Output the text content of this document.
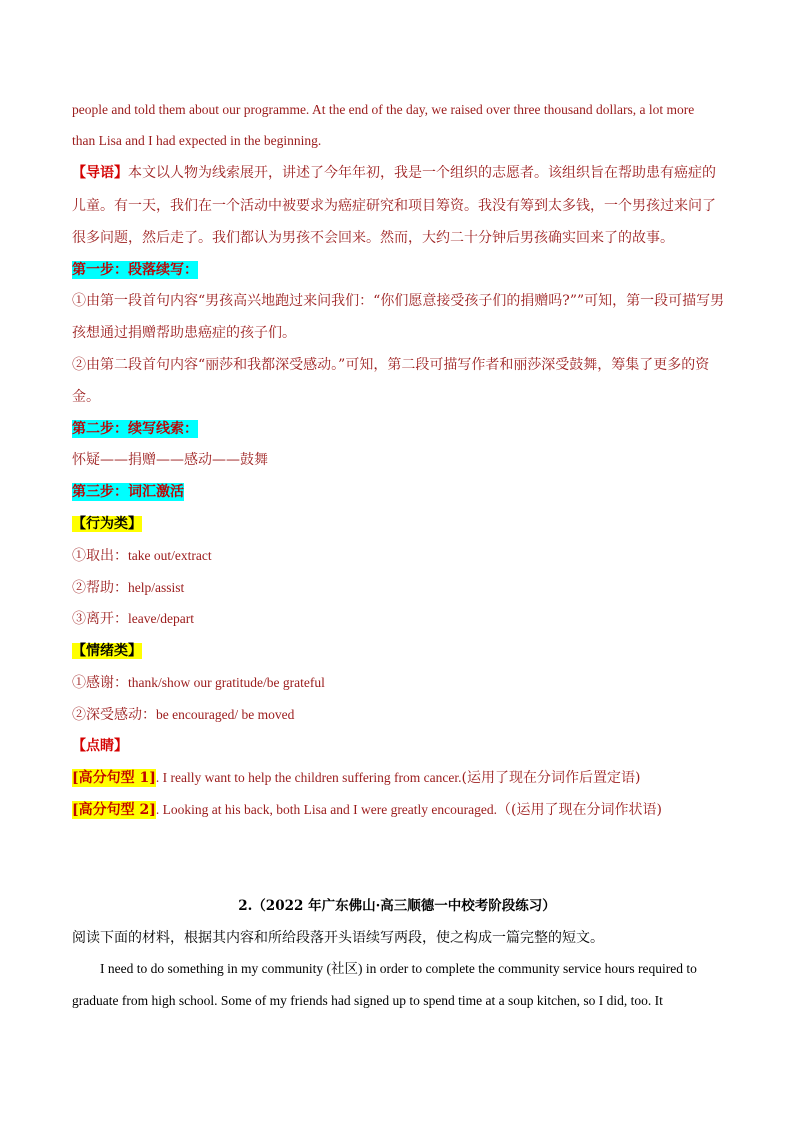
people and told them about our programme. At the end of the day, we raised over three thousand dollars, a lot more
than Lisa and I had expected in the beginning.
【导语】本文以人物为线索展开，讲述了今年年初，我是一个组织的志愿者。该组织旨在帮助患有癌症的
儿童。有一天，我们在一个活动中被要求为癌症研究和项目筹资。我没有筹到太多钱，一个男孩过来问了
很多问题，然后走了。我们都认为男孩不会回来。然而，大约二十分钟后男孩确实回来了的故事。
第一步：段落续写：
①由第一段首句内容“男孩高兴地跑过来问我们：“你们愿意接受孩子们的捐赠吗?””可知，第一段可描写男
孩想通过捐赠帮助患癌症的孩子们。
②由第二段首句内容“丽莎和我都深受感动。”可知，第二段可描写作者和丽莎深受鼓舞，筹集了更多的资
金。
第二步：续写线索：
怀疑——捐赠——感动——鼓舞
第三步：词汇激活
【行为类】
①取出：take out/extract
②帮助：help/assist
③离开：leave/depart
【情绪类】
①感谢：thank/show our gratitude/be grateful
②深受感动：be encouraged/ be moved
【点睛】
[高分句型 1]. I really want to help the children suffering from cancer.(运用了现在分词作后置定语)
[高分句型 2]. Looking at his back, both Lisa and I were greatly encouraged.（(运用了现在分词作状语)
2.（2022 年广东佛山·高三顺德一中校考阶段练习）
阅读下面的材料，根据其内容和所给段落开头语续写两段，使之构成一篇完整的短文。
I need to do something in my community (社区) in order to complete the community service hours required to
graduate from high school. Some of my friends had signed up to spend time at a soup kitchen, so I did, too. It
